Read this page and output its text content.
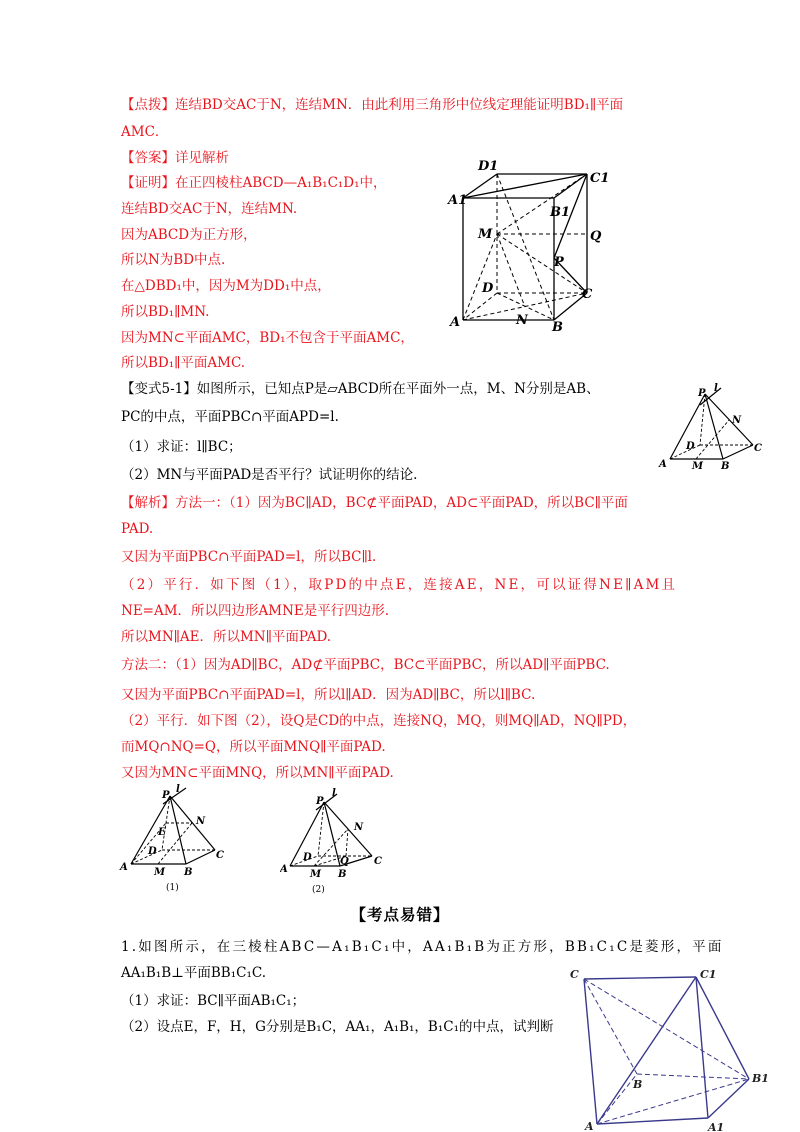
【点拨】连结BD交AC于N，连结MN．由此利用三角形中位线定理能证明BD₁∥平面
AMC．
【答案】详见解析
【证明】在正四棱柱ABCD—A₁B₁C₁D₁中，
连结BD交AC于N，连结MN.
因为ABCD为正方形，
所以N为BD中点.
在△DBD₁中，因为M为DD₁中点，
所以BD₁∥MN.
因为MN⊂平面AMC，BD₁不包含于平面AMC，
所以BD₁∥平面AMC.
【变式5-1】如图所示，已知点P是▱ABCD所在平面外一点，M、N分别是AB、
PC的中点，平面PBC∩平面APD=l.
（1）求证：l∥BC；
（2）MN与平面PAD是否平行？试证明你的结论.
【解析】方法一：（1）因为BC∥AD，BC⊄平面PAD，AD⊂平面PAD，所以BC∥平面
PAD.
又因为平面PBC∩平面PAD=l，所以BC∥l.
（2）平行．如下图（1），取PD的中点E，连接AE，NE，可以证得NE∥AM且
NE=AM．所以四边形AMNE是平行四边形.
所以MN∥AE．所以MN∥平面PAD.
方法二：（1）因为AD∥BC，AD⊄平面PBC，BC⊂平面PBC，所以AD∥平面PBC.
又因为平面PBC∩平面PAD=l，所以l∥AD．因为AD∥BC，所以l∥BC.
（2）平行．如下图（2），设Q是CD的中点，连接NQ，MQ，则MQ∥AD，NQ∥PD，
而MQ∩NQ=Q，所以平面MNQ∥平面PAD.
又因为MN⊂平面MNQ，所以MN∥平面PAD.
【考点易错】
1.如图所示，在三棱柱ABC—A₁B₁C₁中，AA₁B₁B为正方形，BB₁C₁C是菱形，平面
AA₁B₁B⊥平面BB₁C₁C.
（1）求证：BC∥平面AB₁C₁；
（2）设点E，F，H，G分别是B₁C，AA₁，A₁B₁，B₁C₁的中点，试判断
D1
C1
A1
B1
M	Q
P
D	C
A	N B
P l
N
D	C
A	M B
P
l
N
E
D	C
A	M B
(1)
P
l
N
D	Q	C
A M B
(2)
C	C1
B	B1
A	A1
